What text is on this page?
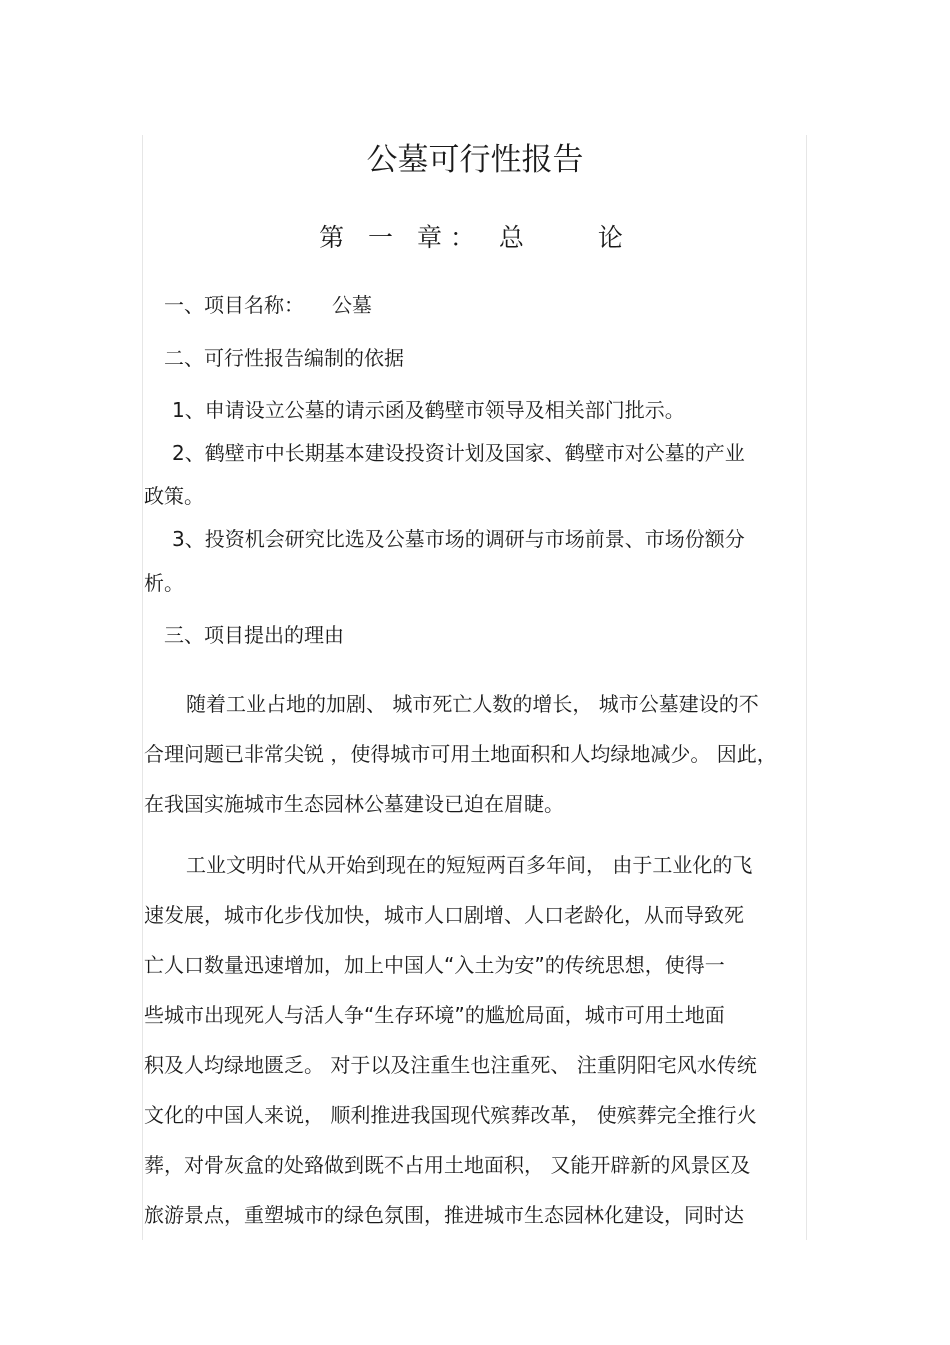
公墓可行性报告
第 一 章： 总　　论
一、项目名称： 公墓
二、可行性报告编制的依据
1、申请设立公墓的请示函及鹤壁市领导及相关部门批示。
2、鹤壁市中长期基本建设投资计划及国家、鹤壁市对公墓的产业
政策。
3、投资机会研究比选及公墓市场的调研与市场前景、市场份额分
析。
三、项目提出的理由
随着工业占地的加剧、 城市死亡人数的增长， 城市公墓建设的不
合理问题已非常尖锐 ，使得城市可用土地面积和人均绿地减少。 因此，
在我国实施城市生态园林公墓建设已迫在眉睫。
工业文明时代从开始到现在的短短两百多年间， 由于工业化的飞
速发展，城市化步伐加快，城市人口剧增、人口老龄化，从而导致死
亡人口数量迅速增加，加上中国人“入土为安”的传统思想，使得一
些城市出现死人与活人争“生存环境”的尴尬局面，城市可用土地面
积及人均绿地匮乏。 对于以及注重生也注重死、 注重阴阳宅风水传统
文化的中国人来说， 顺利推进我国现代殡葬改革， 使殡葬完全推行火
葬，对骨灰盒的处臵做到既不占用土地面积， 又能开辟新的风景区及
旅游景点，重塑城市的绿色氛围，推进城市生态园林化建设，同时达
